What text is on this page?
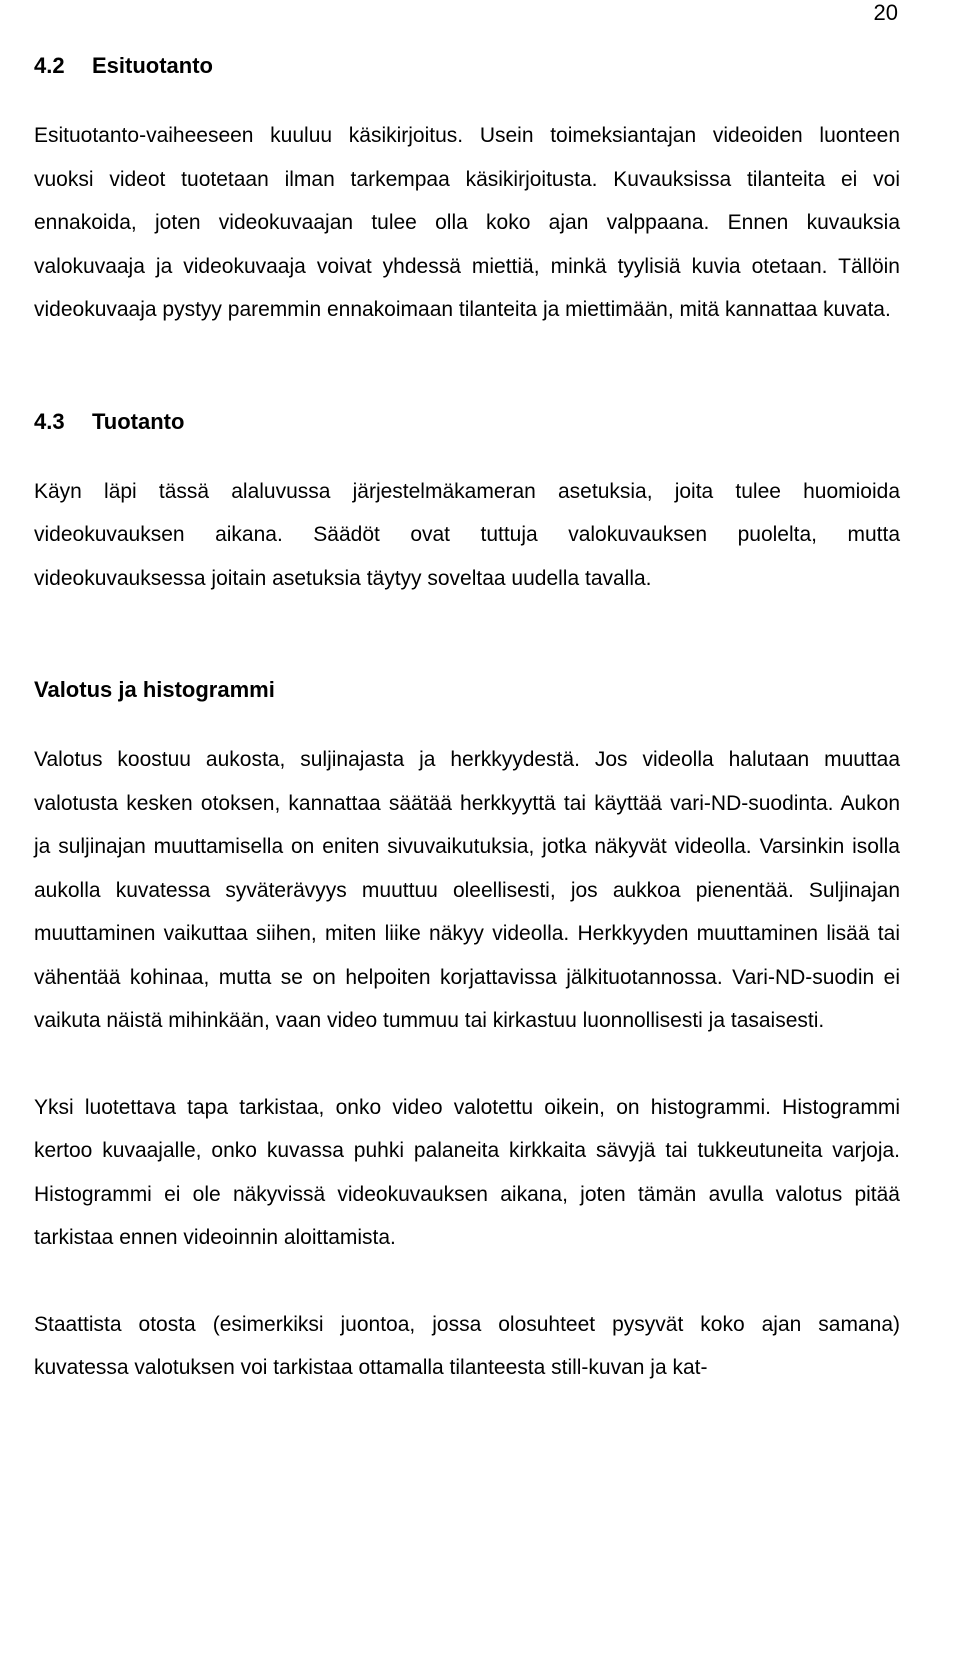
20
4.2 Esituotanto

Esituotanto-vaiheeseen kuuluu käsikirjoitus. Usein toimeksiantajan videoiden luonteen vuoksi videot tuotetaan ilman tarkempaa käsikirjoitusta. Kuvauksissa tilanteita ei voi ennakoida, joten videokuvaajan tulee olla koko ajan valppaana. Ennen kuvauksia valokuvaaja ja videokuvaaja voivat yhdessä miettiä, minkä tyylisiä kuvia otetaan. Tällöin videokuvaaja pystyy paremmin ennakoimaan tilanteita ja miettimään, mitä kannattaa kuvata.

4.3 Tuotanto

Käyn läpi tässä alaluvussa järjestelmäkameran asetuksia, joita tulee huomioida videokuvauksen aikana. Säädöt ovat tuttuja valokuvauksen puolelta, mutta videokuvauksessa joitain asetuksia täytyy soveltaa uudella tavalla.

Valotus ja histogrammi

Valotus koostuu aukosta, suljinajasta ja herkkyydestä. Jos videolla halutaan muuttaa valotusta kesken otoksen, kannattaa säätää herkkyyttä tai käyttää vari-ND-suodinta. Aukon ja suljinajan muuttamisella on eniten sivuvaikutuksia, jotka näkyvät videolla. Varsinkin isolla aukolla kuvatessa syväterävyys muuttuu oleellisesti, jos aukkoa pienentää. Suljinajan muuttaminen vaikuttaa siihen, miten liike näkyy videolla. Herkkyyden muuttaminen lisää tai vähentää kohinaa, mutta se on helpoiten korjattavissa jälkituotannossa. Vari-ND-suodin ei vaikuta näistä mihinkään, vaan video tummuu tai kirkastuu luonnollisesti ja tasaisesti.

Yksi luotettava tapa tarkistaa, onko video valotettu oikein, on histogrammi. Histogrammi kertoo kuvaajalle, onko kuvassa puhki palaneita kirkkaita sävyjä tai tukkeutuneita varjoja. Histogrammi ei ole näkyvissä videokuvauksen aikana, joten tämän avulla valotus pitää tarkistaa ennen videoinnin aloittamista.

Staattista otosta (esimerkiksi juontoa, jossa olosuhteet pysyvät koko ajan samana) kuvatessa valotuksen voi tarkistaa ottamalla tilanteesta still-kuvan ja kat-
